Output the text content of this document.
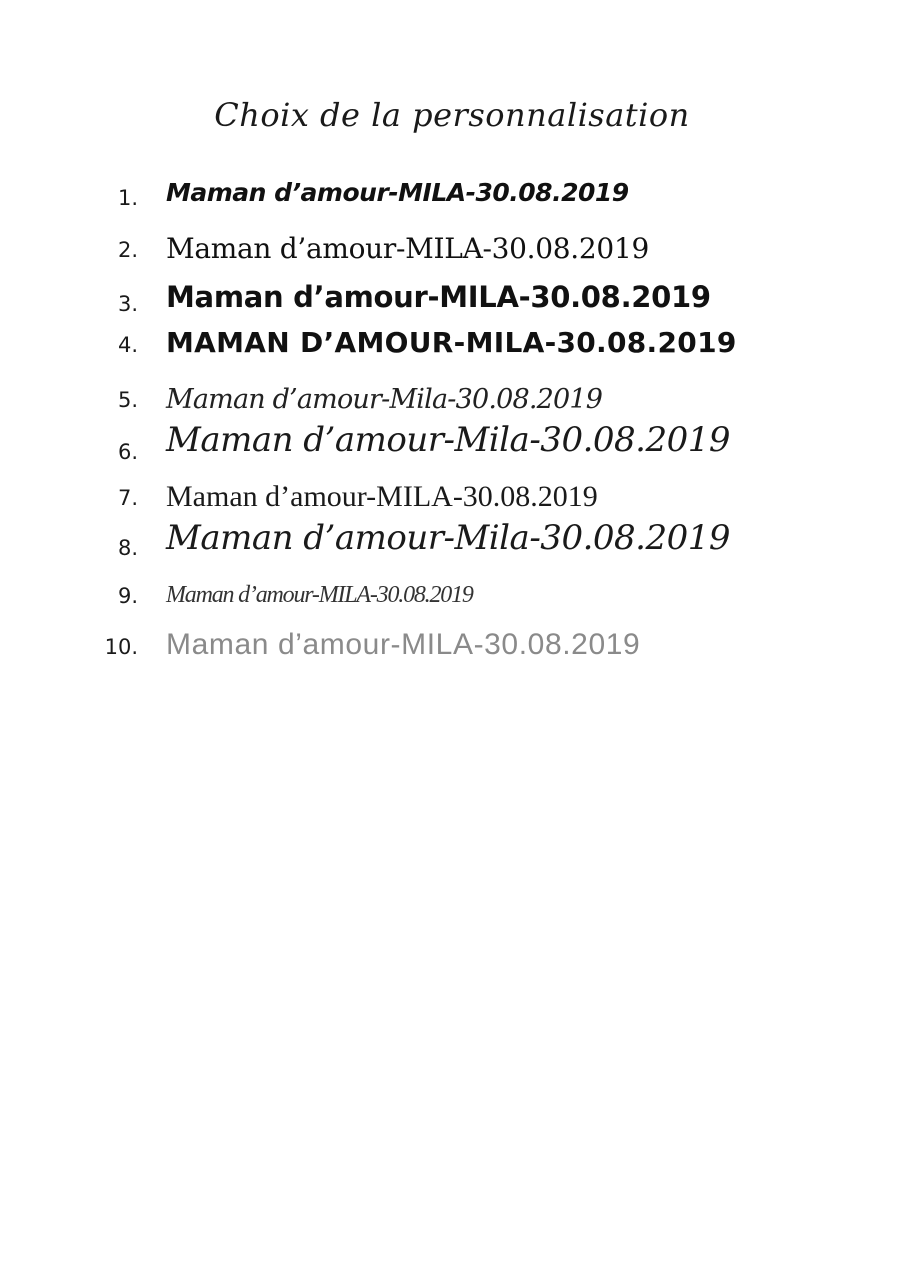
Choix de la personnalisation
1. Maman d’amour-MILA-30.08.2019
2. Maman d’amour-MILA-30.08.2019
3. Maman d’amour-MILA-30.08.2019
4. MAMAN D’AMOUR-MILA-30.08.2019
5. Maman d’amour-Mila-30.08.2019
6. Maman d’amour-Mila-30.08.2019
7. Maman d’amour-MILA-30.08.2019
8. Maman d’amour-Mila-30.08.2019
9. Maman d’amour-MILA-30.08.2019
10. Maman d’amour-MILA-30.08.2019
